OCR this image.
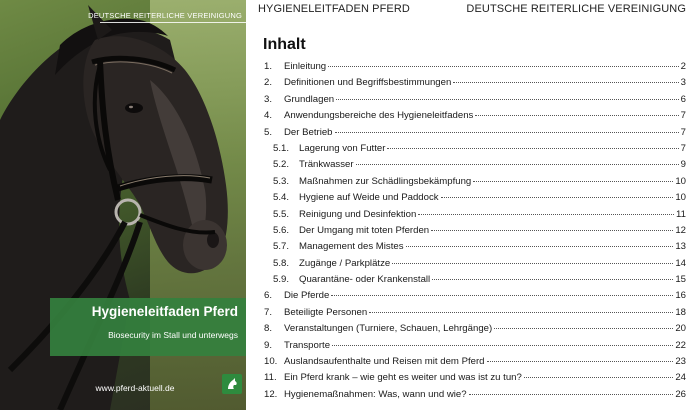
DEUTSCHE REITERLICHE VEREINIGUNG
Hygieneleitfaden Pferd
Biosecurity im Stall und unterwegs
www.pferd-aktuell.de
HYGIENELEITFADEN PFERD	DEUTSCHE REITERLICHE VEREINIGUNG
Inhalt
1.	Einleitung	2
2.	Definitionen und Begriffsbestimmungen	3
3.	Grundlagen	6
4.	Anwendungsbereiche des Hygieneleitfadens	7
5.	Der Betrieb	7
5.1.	Lagerung von Futter	7
5.2.	Tränkwasser	9
5.3.	Maßnahmen zur Schädlingsbekämpfung	10
5.4.	Hygiene auf Weide und Paddock	10
5.5.	Reinigung und Desinfektion	11
5.6.	Der Umgang mit toten Pferden	12
5.7.	Management des Mistes	13
5.8.	Zugänge / Parkplätze	14
5.9.	Quarantäne- oder Krankenstall	15
6.	Die Pferde	16
7.	Beteiligte Personen	18
8.	Veranstaltungen (Turniere, Schauen, Lehrgänge)	20
9.	Transporte	22
10. Auslandsaufenthalte und Reisen mit dem Pferd	23
11. Ein Pferd krank – wie geht es weiter und was ist zu tun?	24
12. Hygienemaßnahmen: Was, wann und wie?	26
